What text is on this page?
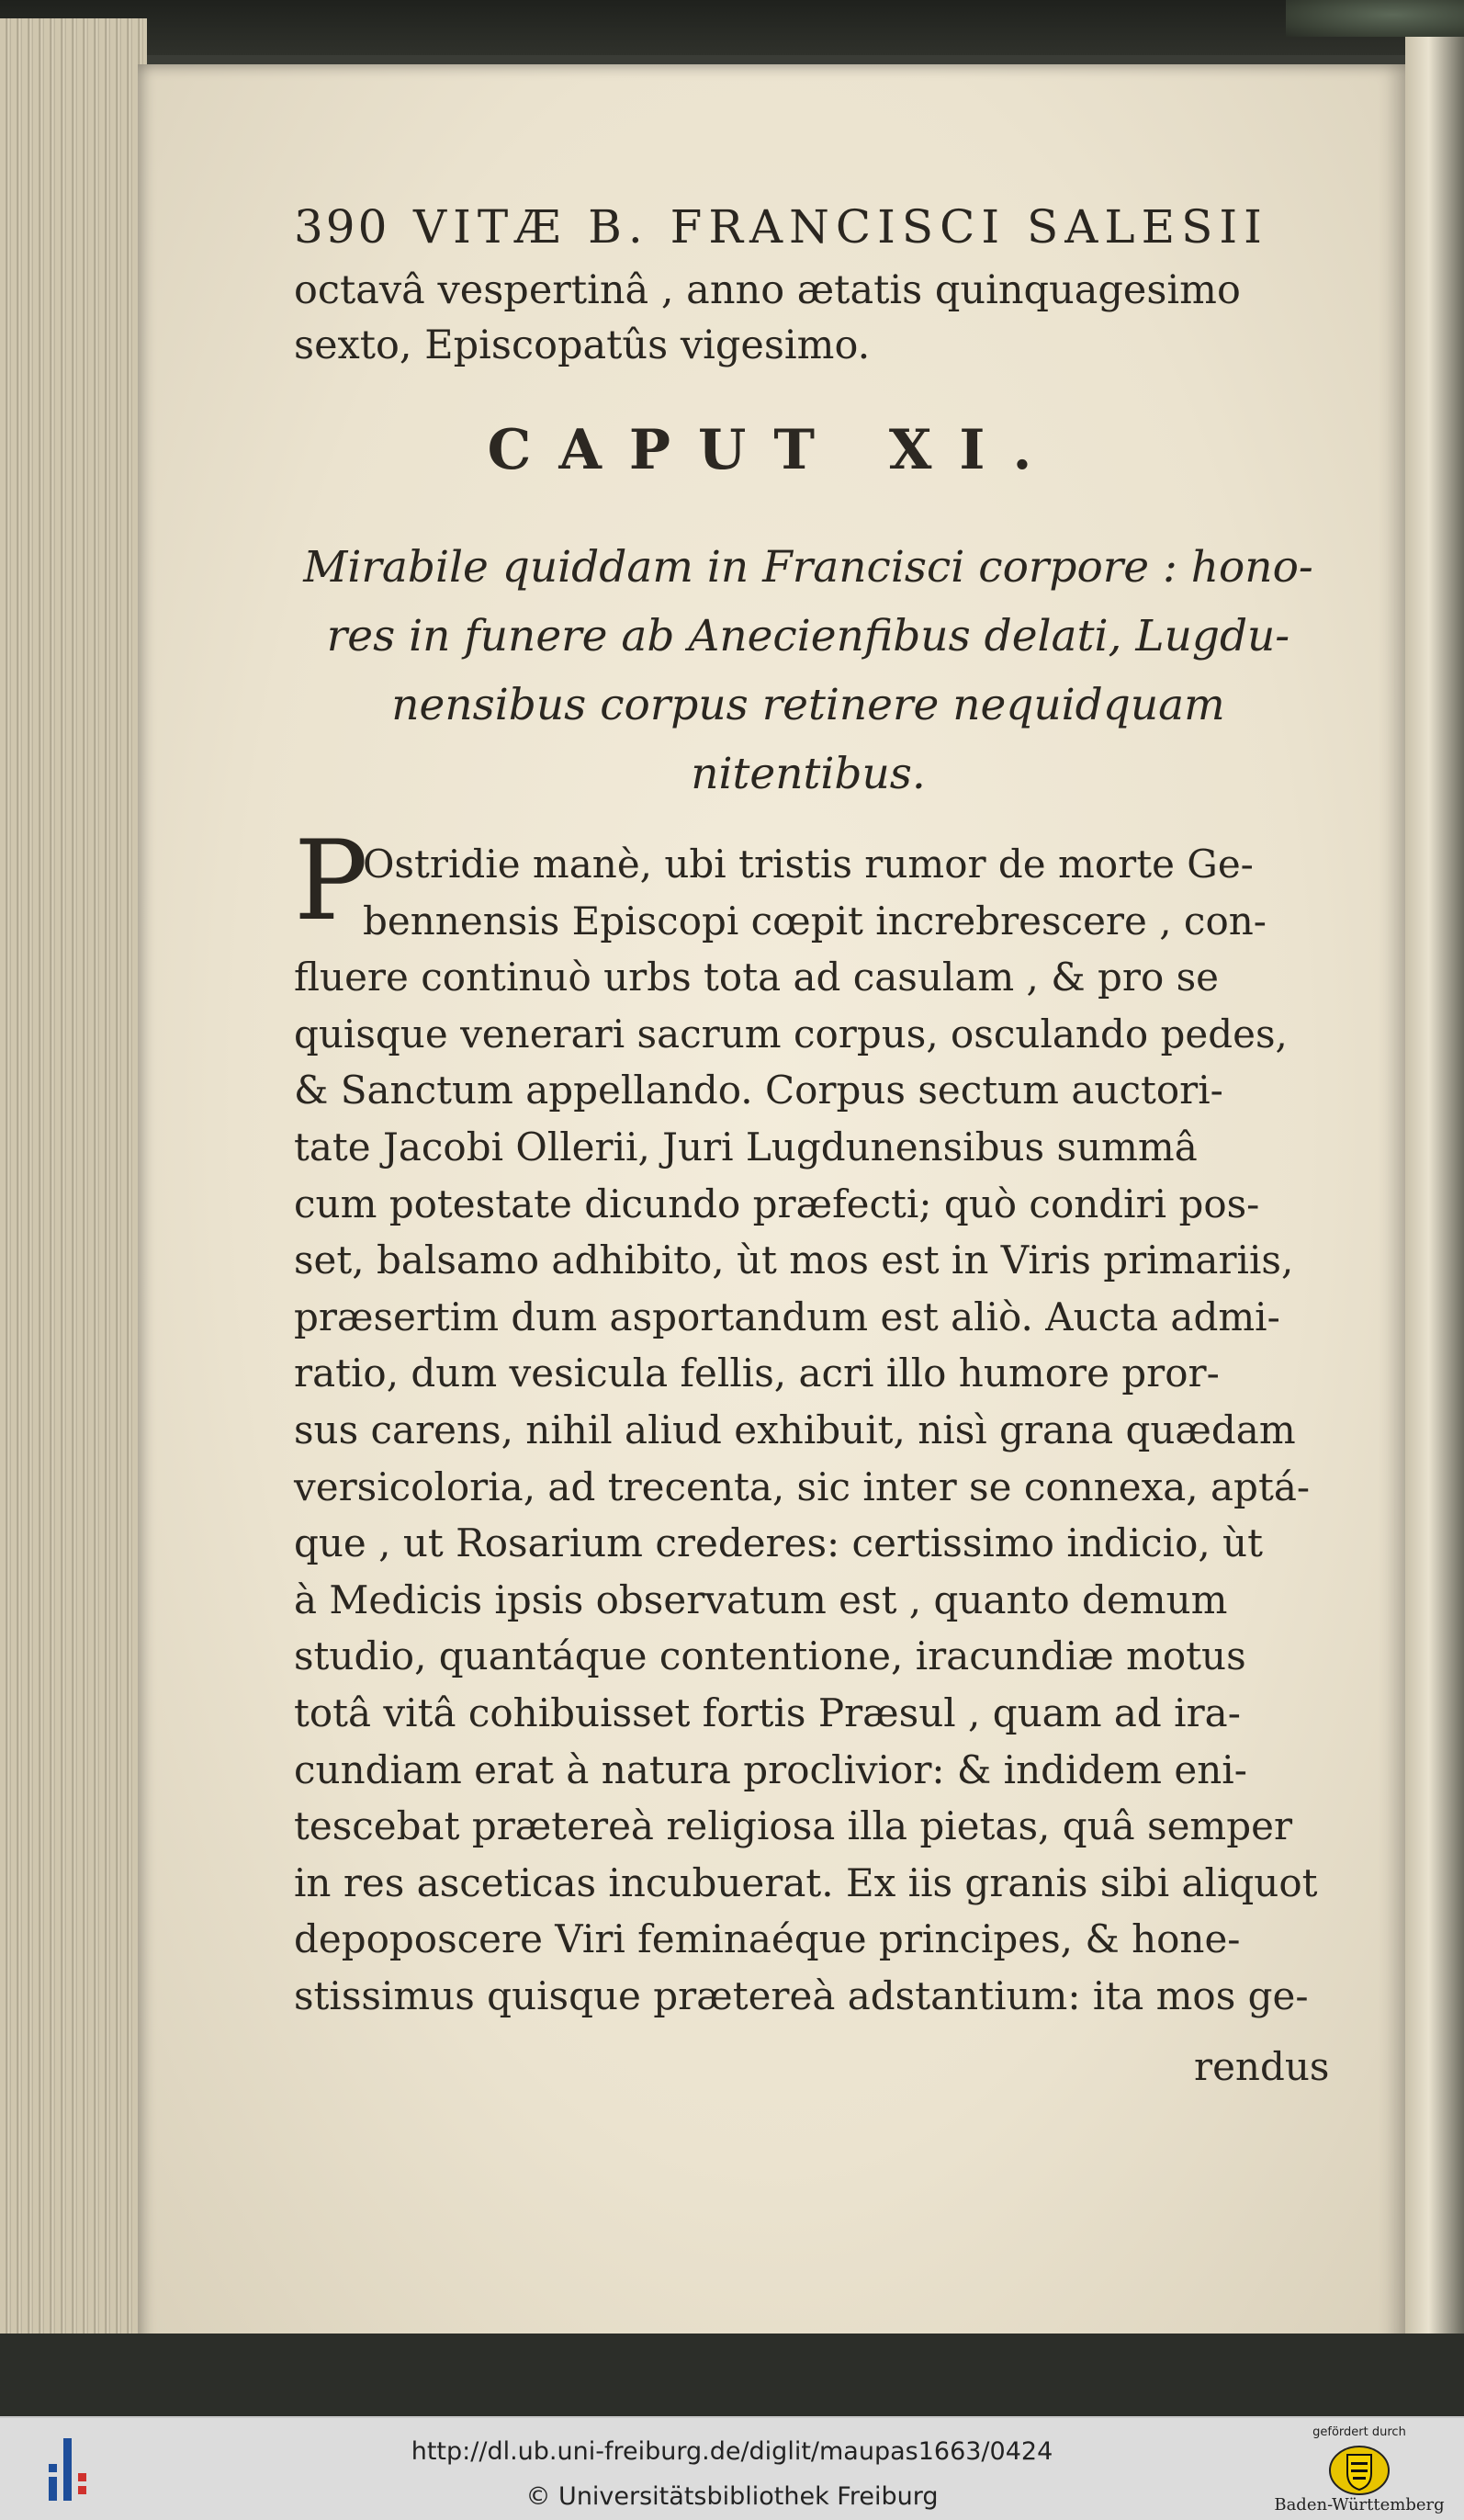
390 VITÆ B. FRANCISCI SALESII
octavâ vespertinâ , anno ætatis quinquagesimo
sexto, Episcopatûs vigesimo.
CAPUT XI.
Mirabile quiddam in Francisci corpore : hono-
res in funere ab Anecienfibus delati, Lugdu-
nensibus corpus retinere nequidquam
nitentibus.
P
Ostridie manè, ubi tristis rumor de morte Ge-
bennensis Episcopi cœpit increbrescere , con-
fluere continuò urbs tota ad casulam , & pro se
quisque venerari sacrum corpus, osculando pedes,
& Sanctum appellando. Corpus sectum auctori-
tate Jacobi Ollerii, Juri Lugdunensibus summâ
cum potestate dicundo præfecti; quò condiri pos-
set, balsamo adhibito, ùt mos est in Viris primariis,
præsertim dum asportandum est aliò. Aucta admi-
ratio, dum vesicula fellis, acri illo humore pror-
sus carens, nihil aliud exhibuit, nisì grana quædam
versicoloria, ad trecenta, sic inter se connexa, aptá-
que , ut Rosarium crederes: certissimo indicio, ùt
à Medicis ipsis observatum est , quanto demum
studio, quantáque contentione, iracundiæ motus
totâ vitâ cohibuisset fortis Præsul , quam ad ira-
cundiam erat à natura proclivior: & indidem eni-
tescebat prætereà religiosa illa pietas, quâ semper
in res asceticas incubuerat. Ex iis granis sibi aliquot
depoposcere Viri feminaéque principes, & hone-
stissimus quisque prætereà adstantium: ita mos ge-
rendus
http://dl.ub.uni-freiburg.de/diglit/maupas1663/0424
© Universitätsbibliothek Freiburg
gefördert durch
Baden-Württemberg
